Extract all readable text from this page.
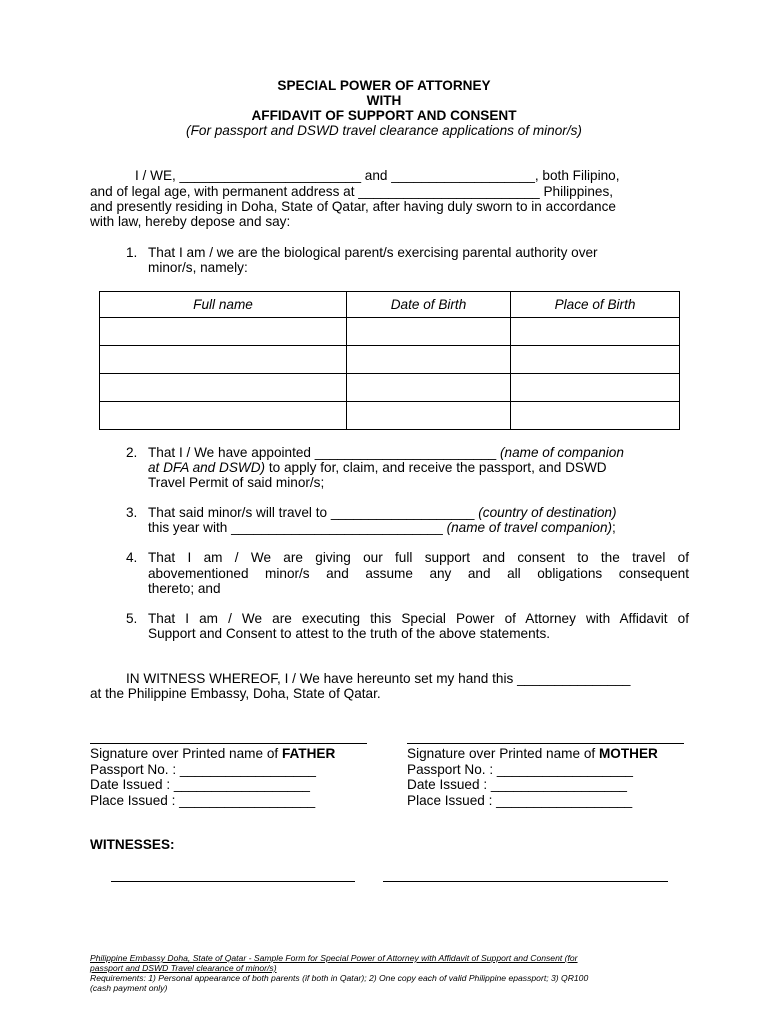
SPECIAL POWER OF ATTORNEY
WITH
AFFIDAVIT OF SUPPORT AND CONSENT
(For passport and DSWD travel clearance applications of minor/s)
I / WE, ________________________ and ___________________, both Filipino,
and of legal age, with permanent address at ________________________ Philippines,
and presently residing in Doha, State of Qatar, after having duly sworn to in accordance
with law, hereby depose and say:
1. That I am / we are the biological parent/s exercising parental authority over
minor/s, namely:
Full name	Date of Birth	Place of Birth

2. That I / We have appointed ________________________ (name of companion
at DFA and DSWD) to apply for, claim, and receive the passport, and DSWD
Travel Permit of said minor/s;
3. That said minor/s will travel to ___________________ (country of destination)
this year with ____________________________ (name of travel companion);
4. That I am / We are giving our full support and consent to the travel of
abovementioned minor/s and assume any and all obligations consequent
thereto; and
5. That I am / We are executing this Special Power of Attorney with Affidavit of
Support and Consent to attest to the truth of the above statements.
IN WITNESS WHEREOF, I / We have hereunto set my hand this _______________
at the Philippine Embassy, Doha, State of Qatar.
Signature over Printed name of FATHER
Passport No. : __________________
Date Issued : __________________
Place Issued : __________________
Signature over Printed name of MOTHER
Passport No. : __________________
Date Issued : __________________
Place Issued : __________________
WITNESSES:
Philippine Embassy Doha, State of Qatar - Sample Form for Special Power of Attorney with Affidavit of Support and Consent (for
passport and DSWD Travel clearance of minor/s)
Requirements: 1) Personal appearance of both parents (if both in Qatar); 2) One copy each of valid Philippine epassport; 3) QR100
(cash payment only)
